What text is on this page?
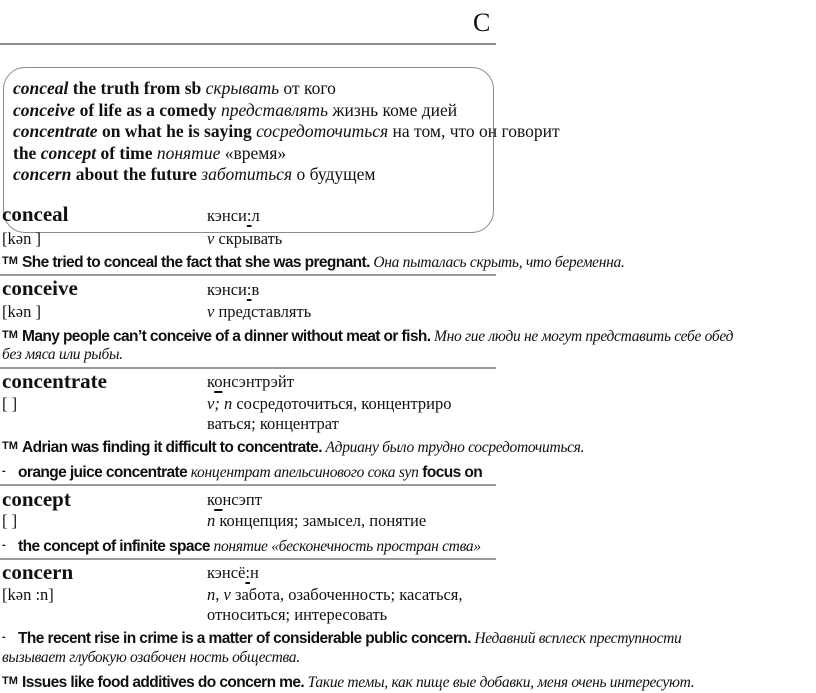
C
conceal the truth from sb скрывать от кого
conceive of life as a comedy представлять жизнь коме дией
concentrate on what he is saying сосредоточиться на том, что он говорит
the concept of time понятие «время»
concern about the future заботиться о будущем
conceal	кэнси:л
[kən ]	v скрывать
TM She tried to conceal the fact that she was pregnant. Она пыталась скрыть, что беременна.
conceive	кэнси:в
[kən ]	v представлять
TM Many people can’t conceive of a dinner without meat or fish. Мно гие люди не могут представить себе обед
без мяса или рыбы.
concentrate	консэнтрэйт
[ ]	v; n сосредоточиться, концентриро
ваться; концентрат
TM Adrian was finding it difficult to concentrate. Адриану было трудно сосредоточиться.
- orange juice concentrate концентрат апельсинового сока syn focus on
concept	консэпт
[ ]	n концепция; замысел, понятие
- the concept of infinite space понятие «бесконечность простран ства»
concern	кэнсё:н
[kən :n]	n, v забота, озабоченность; касаться,
относиться; интересовать
- The recent rise in crime is a matter of considerable public concern. Недавний всплеск преступности
вызывает глубокую озабочен ность общества.
TM Issues like food additives do concern me. Такие темы, как пище вые добавки, меня очень интересуют.
